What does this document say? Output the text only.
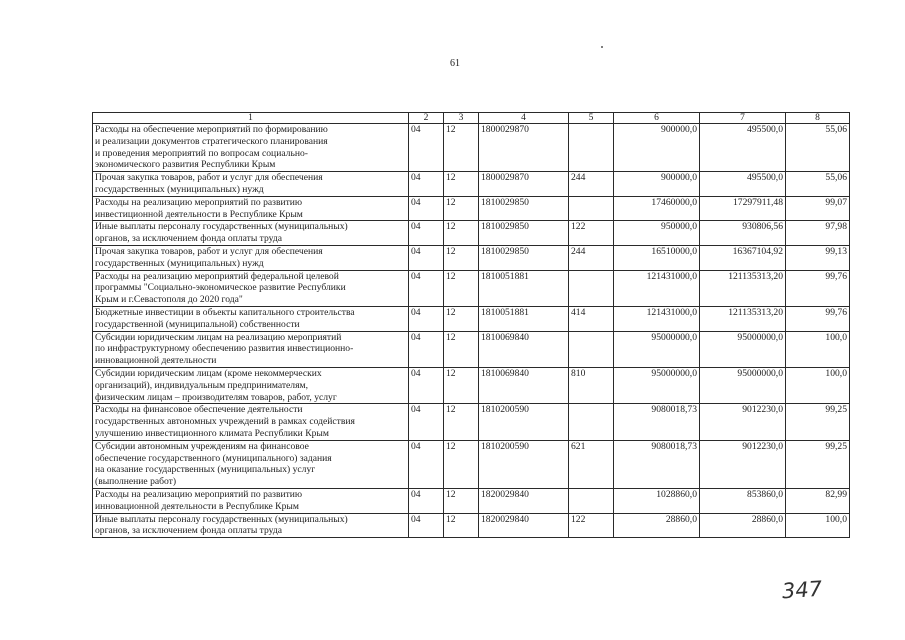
61
1	2	3	4	5	6	7	8
Расходы на обеспечение мероприятий по формированию
и реализации документов стратегического планирования
и проведения мероприятий по вопросам социально-
экономического развития Республики Крым	04	12	1800029870		900000,0	495500,0	55,06
Прочая закупка товаров, работ и услуг для обеспечения
государственных (муниципальных) нужд	04	12	1800029870	244	900000,0	495500,0	55,06
Расходы на реализацию мероприятий по развитию
инвестиционной деятельности в Республике Крым	04	12	1810029850		17460000,0	17297911,48	99,07
Иные выплаты персоналу государственных (муниципальных)
органов, за исключением фонда оплаты труда	04	12	1810029850	122	950000,0	930806,56	97,98
Прочая закупка товаров, работ и услуг для обеспечения
государственных (муниципальных) нужд	04	12	1810029850	244	16510000,0	16367104,92	99,13
Расходы на реализацию мероприятий федеральной целевой
программы "Социально-экономическое развитие Республики
Крым и г.Севастополя до 2020 года"	04	12	1810051881		121431000,0	121135313,20	99,76
Бюджетные инвестиции в объекты капитального строительства
государственной (муниципальной) собственности	04	12	1810051881	414	121431000,0	121135313,20	99,76
Субсидии юридическим лицам на реализацию мероприятий
по инфраструктурному обеспечению развития инвестиционно-
инновационной деятельности	04	12	1810069840		95000000,0	95000000,0	100,0
Субсидии юридическим лицам (кроме некоммерческих
организаций), индивидуальным предпринимателям,
физическим лицам – производителям товаров, работ, услуг	04	12	1810069840	810	95000000,0	95000000,0	100,0
Расходы на финансовое обеспечение деятельности
государственных автономных учреждений в рамках содействия
улучшению инвестиционного климата Республики Крым	04	12	1810200590		9080018,73	9012230,0	99,25
Субсидии автономным учреждениям на финансовое
обеспечение государственного (муниципального) задания
на оказание государственных (муниципальных) услуг
(выполнение работ)	04	12	1810200590	621	9080018,73	9012230,0	99,25
Расходы на реализацию мероприятий по развитию
инновационной деятельности в Республике Крым	04	12	1820029840		1028860,0	853860,0	82,99
Иные выплаты персоналу государственных (муниципальных)
органов, за исключением фонда оплаты труда	04	12	1820029840	122	28860,0	28860,0	100,0
347
